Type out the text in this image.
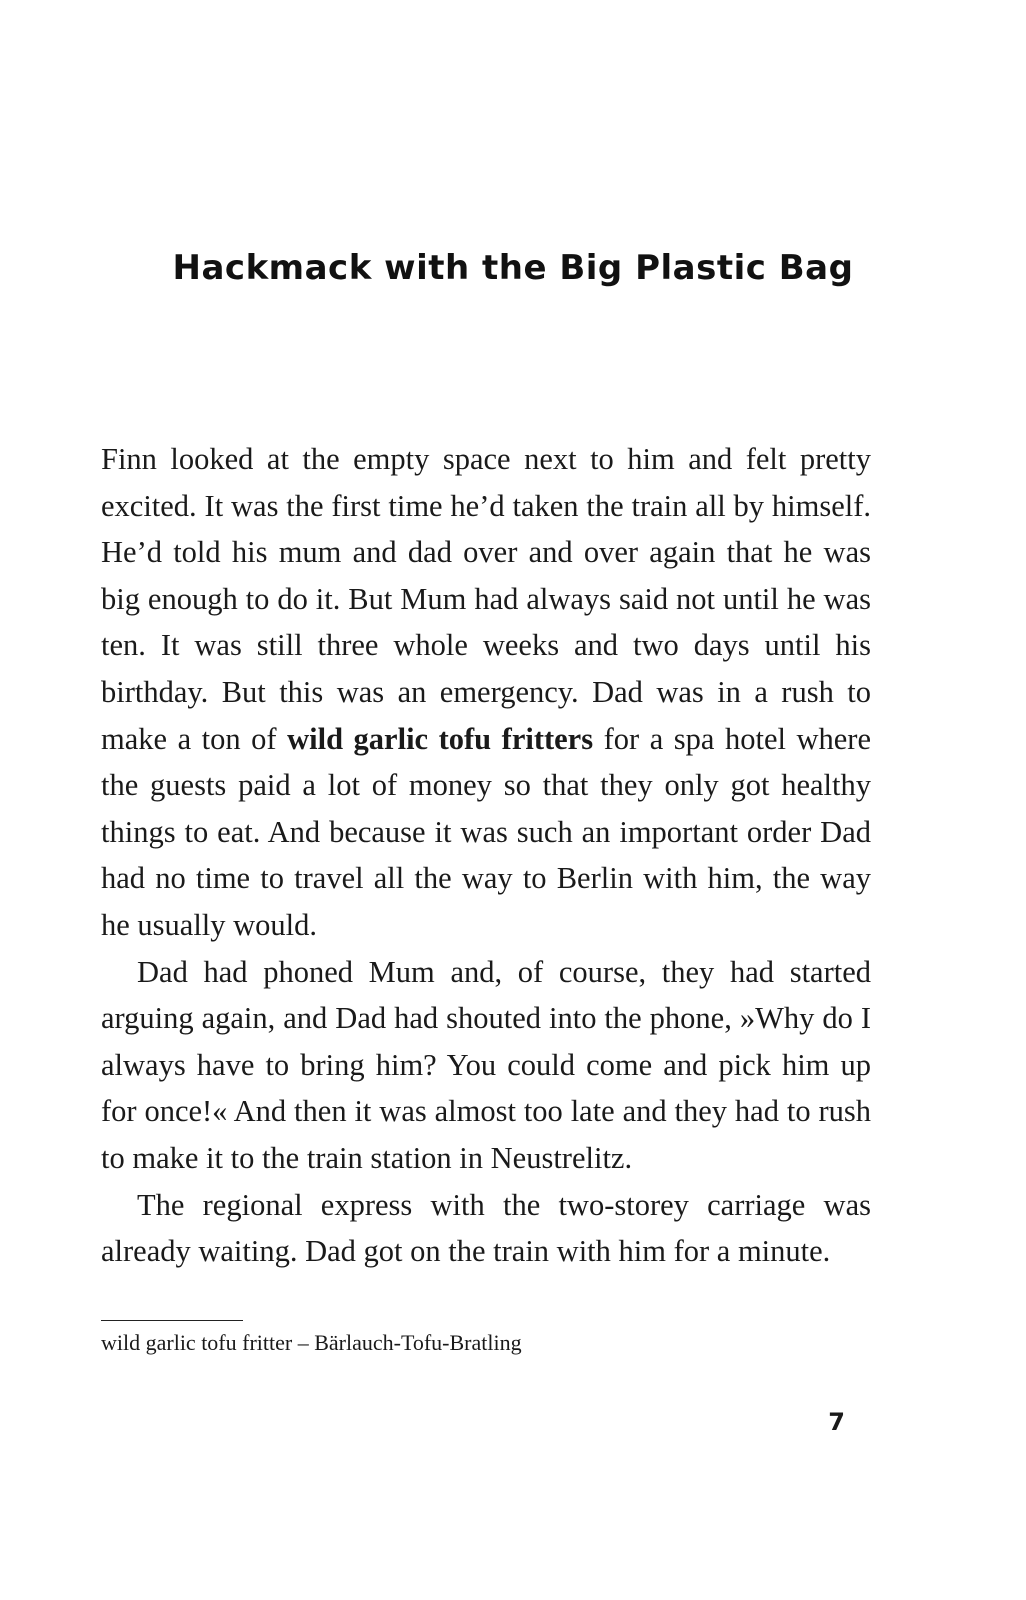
Hackmack with the Big Plastic Bag

Finn looked at the empty space next to him and felt pretty excited. It was the first time he’d taken the train all by himself. He’d told his mum and dad over and over again that he was big enough to do it. But Mum had always said not until he was ten. It was still three whole weeks and two days until his birthday. But this was an emergency. Dad was in a rush to make a ton of wild garlic tofu fritters for a spa hotel where the guests paid a lot of money so that they only got healthy things to eat. And because it was such an important order Dad had no time to travel all the way to Berlin with him, the way he usually would.

Dad had phoned Mum and, of course, they had started arguing again, and Dad had shouted into the phone, »Why do I always have to bring him? You could come and pick him up for once!« And then it was almost too late and they had to rush to make it to the train station in Neustrelitz.

The regional express with the two-storey carriage was already waiting. Dad got on the train with him for a minute.

wild garlic tofu fritter – Bärlauch-Tofu-Bratling
7
